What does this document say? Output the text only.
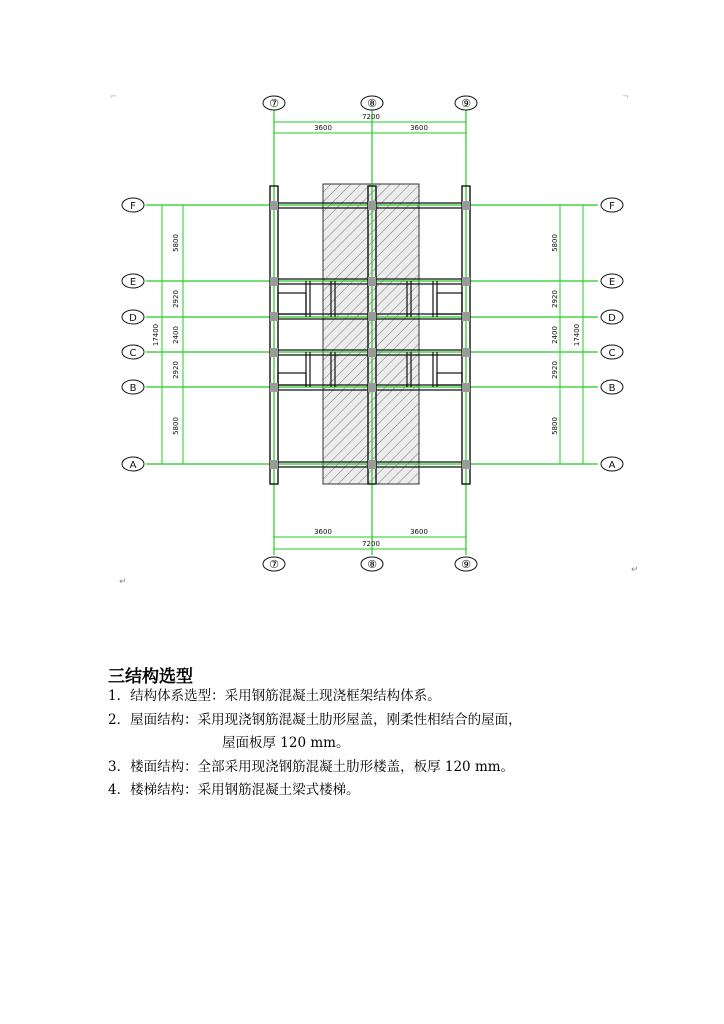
⑦	⑧	⑨
⑦	⑧	⑨
F
E
D
C
B
A
F
E
D
C
B
A
7200
3600	3600
3600	3600
7200
5800
2920
2400
2920
5800
17400
5800
2920
2400
2920
5800
17400
↵
↵
⌐	¬
三结构选型
1．结构体系选型：采用钢筋混凝土现浇框架结构体系。
2．屋面结构：采用现浇钢筋混凝土肋形屋盖，刚柔性相结合的屋面，
屋面板厚 120 mm。
3．楼面结构：全部采用现浇钢筋混凝土肋形楼盖，板厚 120 mm。
4．楼梯结构：采用钢筋混凝土梁式楼梯。
